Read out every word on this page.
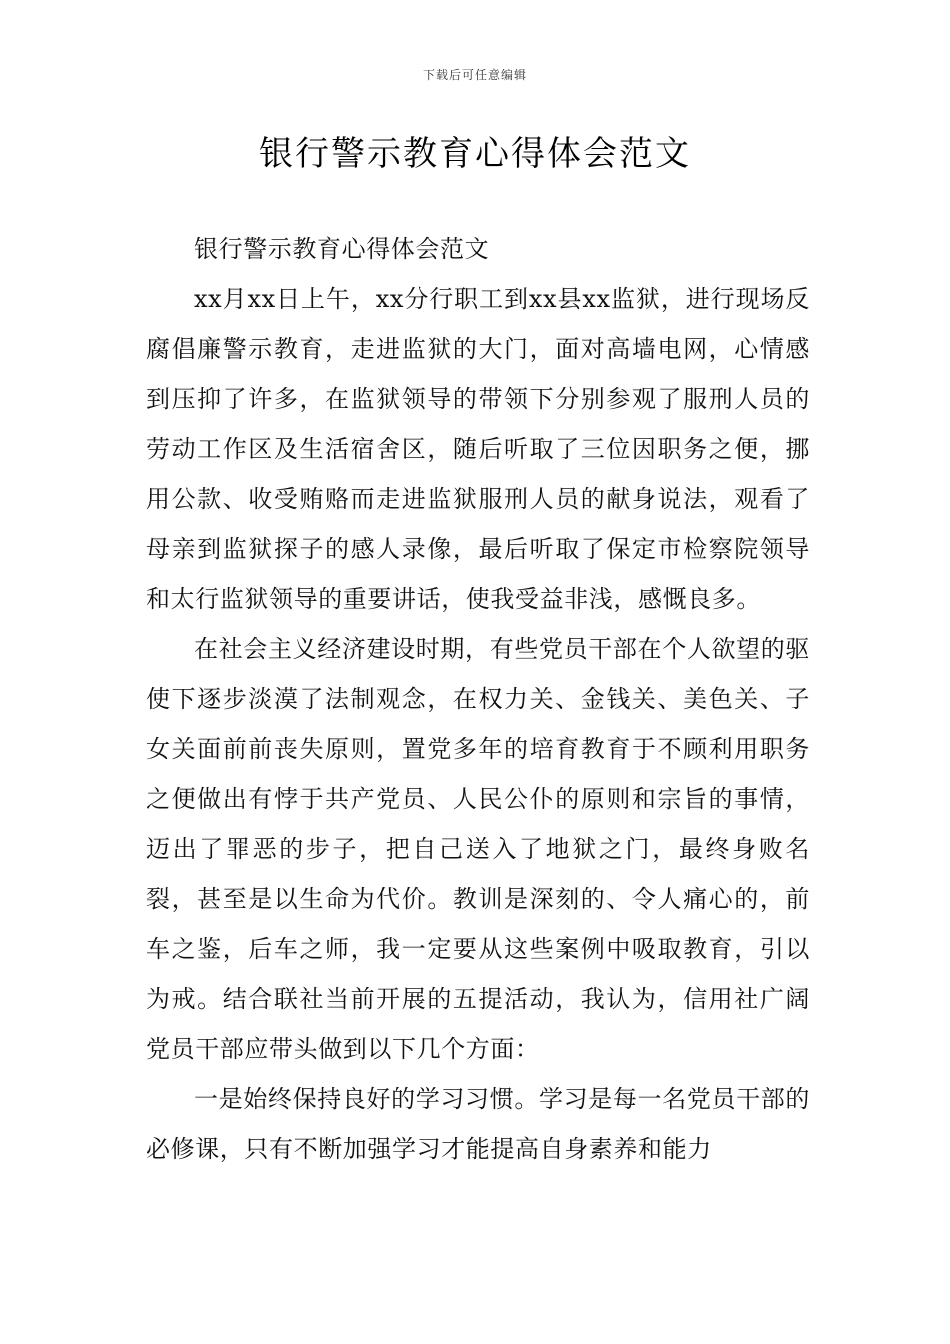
下载后可任意编辑
银行警示教育心得体会范文

银行警示教育心得体会范文

xx月xx日上午，xx分行职工到xx县xx监狱，进行现场反腐倡廉警示教育，走进监狱的大门，面对高墙电网，心情感到压抑了许多，在监狱领导的带领下分别参观了服刑人员的劳动工作区及生活宿舍区，随后听取了三位因职务之便，挪用公款、收受贿赂而走进监狱服刑人员的献身说法，观看了母亲到监狱探子的感人录像，最后听取了保定市检察院领导和太行监狱领导的重要讲话，使我受益非浅，感慨良多。

在社会主义经济建设时期，有些党员干部在个人欲望的驱使下逐步淡漠了法制观念，在权力关、金钱关、美色关、子女关面前前丧失原则，置党多年的培育教育于不顾利用职务之便做出有悖于共产党员、人民公仆的原则和宗旨的事情，迈出了罪恶的步子，把自己送入了地狱之门，最终身败名裂，甚至是以生命为代价。教训是深刻的、令人痛心的，前车之鉴，后车之师，我一定要从这些案例中吸取教育，引以为戒。结合联社当前开展的五提活动，我认为，信用社广阔党员干部应带头做到以下几个方面：

一是始终保持良好的学习习惯。学习是每一名党员干部的必修课，只有不断加强学习才能提高自身素养和能力
